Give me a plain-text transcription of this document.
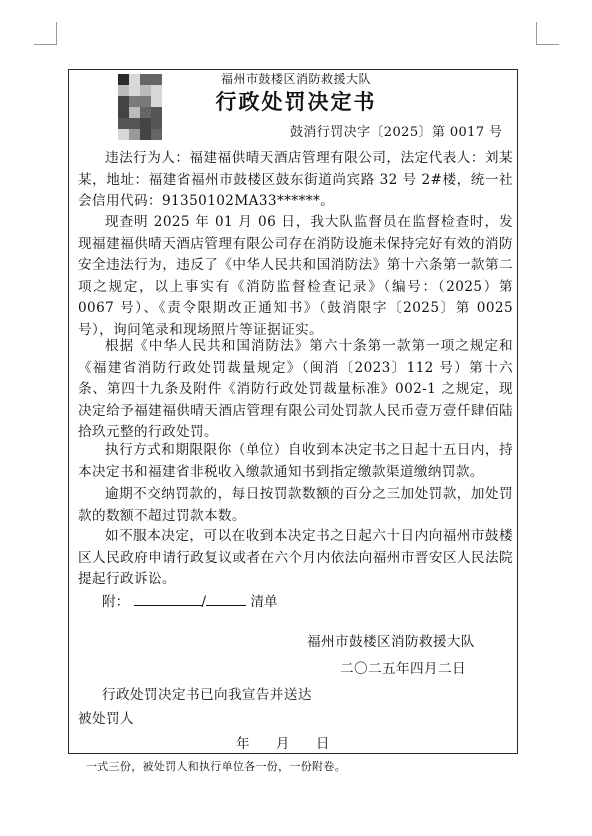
福州市鼓楼区消防救援大队
行政处罚决定书
鼓消行罚决字〔2025〕第 0017 号

违法行为人：福建福供晴天酒店管理有限公司，法定代表人：刘某某，地址：福建省福州市鼓楼区鼓东街道尚宾路 32 号 2#楼，统一社会信用代码：91350102MA33******。

现查明 2025 年 01 月 06 日，我大队监督员在监督检查时，发现福建福供晴天酒店管理有限公司存在消防设施未保持完好有效的消防安全违法行为，违反了《中华人民共和国消防法》第十六条第一款第二项之规定，以上事实有《消防监督检查记录》（编号：（2025）第 0067 号）、《责令限期改正通知书》（鼓消限字〔2025〕第 0025 号），询问笔录和现场照片等证据证实。

根据《中华人民共和国消防法》第六十条第一款第一项之规定和《福建省消防行政处罚裁量规定》（闽消〔2023〕112 号）第十六条、第四十九条及附件《消防行政处罚裁量标准》002-1 之规定，现决定给予福建福供晴天酒店管理有限公司处罚款人民币壹万壹仟肆佰陆拾玖元整的行政处罚。

执行方式和期限限你（单位）自收到本决定书之日起十五日内，持本决定书和福建省非税收入缴款通知书到指定缴款渠道缴纳罚款。

逾期不交纳罚款的，每日按罚款数额的百分之三加处罚款，加处罚款的数额不超过罚款本数。

如不服本决定，可以在收到本决定书之日起六十日内向福州市鼓楼区人民政府申请行政复议或者在六个月内依法向福州市晋安区人民法院提起行政诉讼。

附：	/	清单
福州市鼓楼区消防救援大队
二〇二五年四月二日
行政处罚决定书已向我宣告并送达
被处罚人
年 月 日
一式三份，被处罚人和执行单位各一份，一份附卷。
